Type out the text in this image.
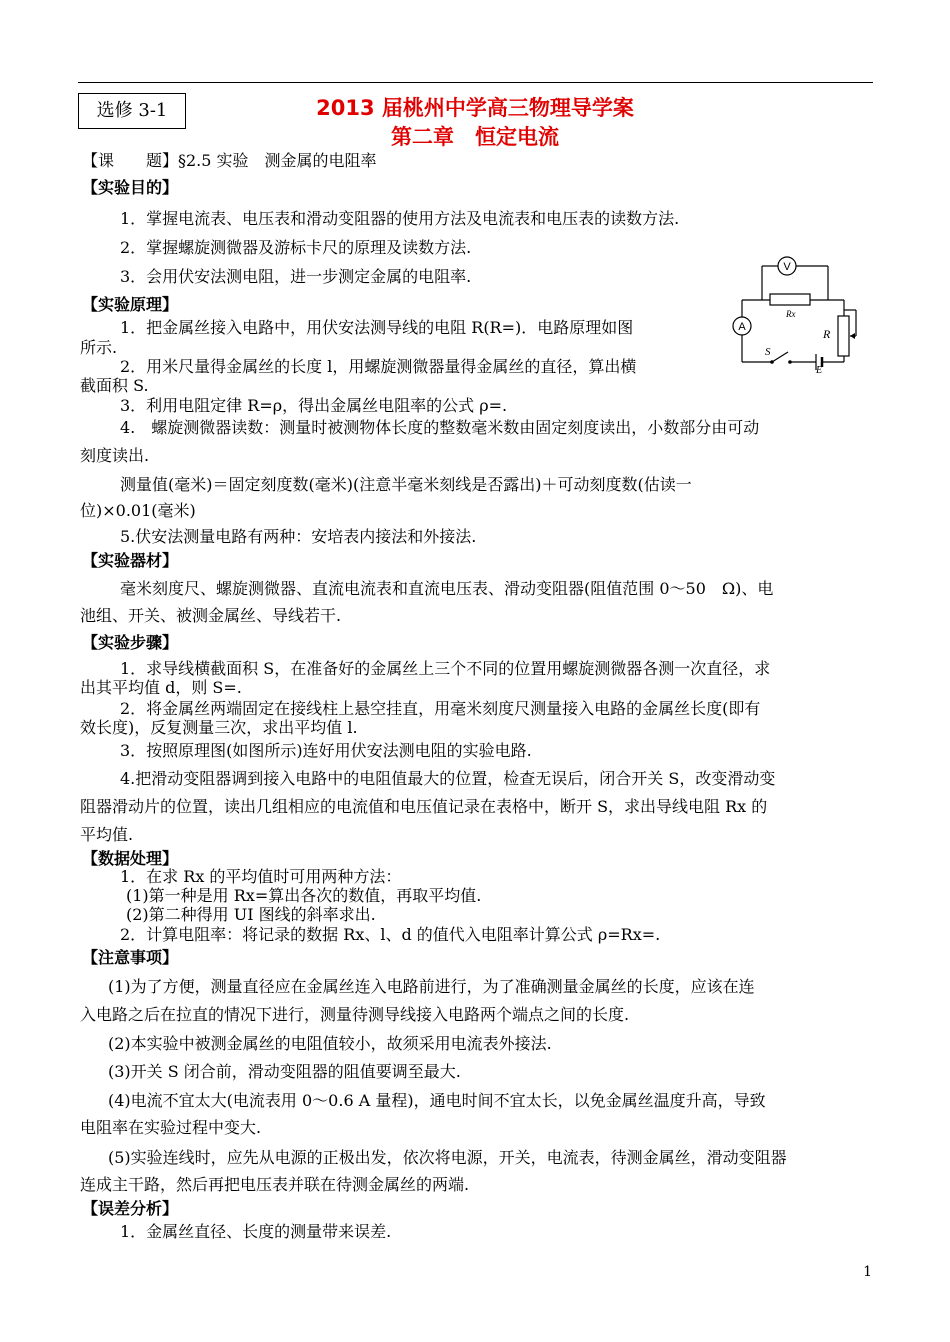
选修 3-1	2013 届桃州中学高三物理导学案
第二章　恒定电流
【课　　题】§2.5 实验　测金属的电阻率
【实验目的】
1．掌握电流表、电压表和滑动变阻器的使用方法及电流表和电压表的读数方法.
2．掌握螺旋测微器及游标卡尺的原理及读数方法.
3．会用伏安法测电阻，进一步测定金属的电阻率.
【实验原理】
1．把金属丝接入电路中，用伏安法测导线的电阻 R(R=)．电路原理如图
所示.
2．用米尺量得金属丝的长度 l，用螺旋测微器量得金属丝的直径，算出横
截面积 S.
3．利用电阻定律 R=ρ，得出金属丝电阻率的公式 ρ=.
4.　螺旋测微器读数：测量时被测物体长度的整数毫米数由固定刻度读出，小数部分由可动
刻度读出.
测量值(毫米)＝固定刻度数(毫米)(注意半毫米刻线是否露出)＋可动刻度数(估读一
位)×0.01(毫米)
5.伏安法测量电路有两种：安培表内接法和外接法.
【实验器材】
毫米刻度尺、螺旋测微器、直流电流表和直流电压表、滑动变阻器(阻值范围 0～50　Ω)、电
池组、开关、被测金属丝、导线若干.
【实验步骤】
1．求导线横截面积 S，在准备好的金属丝上三个不同的位置用螺旋测微器各测一次直径，求
出其平均值 d，则 S=.
2．将金属丝两端固定在接线柱上悬空挂直，用毫米刻度尺测量接入电路的金属丝长度(即有
效长度)，反复测量三次，求出平均值 l.
3．按照原理图(如图所示)连好用伏安法测电阻的实验电路.
4.把滑动变阻器调到接入电路中的电阻值最大的位置，检查无误后，闭合开关 S，改变滑动变
阻器滑动片的位置，读出几组相应的电流值和电压值记录在表格中，断开 S，求出导线电阻 Rx 的
平均值.
【数据处理】
1．在求 Rx 的平均值时可用两种方法：
(1)第一种是用 Rx=算出各次的数值，再取平均值.
(2)第二种得用 UI 图线的斜率求出.
2．计算电阻率：将记录的数据 Rx、l、d 的值代入电阻率计算公式 ρ=Rx=.
【注意事项】
(1)为了方便，测量直径应在金属丝连入电路前进行，为了准确测量金属丝的长度，应该在连
入电路之后在拉直的情况下进行，测量待测导线接入电路两个端点之间的长度.
(2)本实验中被测金属丝的电阻值较小，故须采用电流表外接法.
(3)开关 S 闭合前，滑动变阻器的阻值要调至最大.
(4)电流不宜太大(电流表用 0～0.6 A 量程)，通电时间不宜太长，以免金属丝温度升高，导致
电阻率在实验过程中变大.
(5)实验连线时，应先从电源的正极出发，依次将电源，开关，电流表，待测金属丝，滑动变阻器
连成主干路，然后再把电压表并联在待测金属丝的两端.
【误差分析】
1．金属丝直径、长度的测量带来误差.
V
A
Rx
R
S
E
1
